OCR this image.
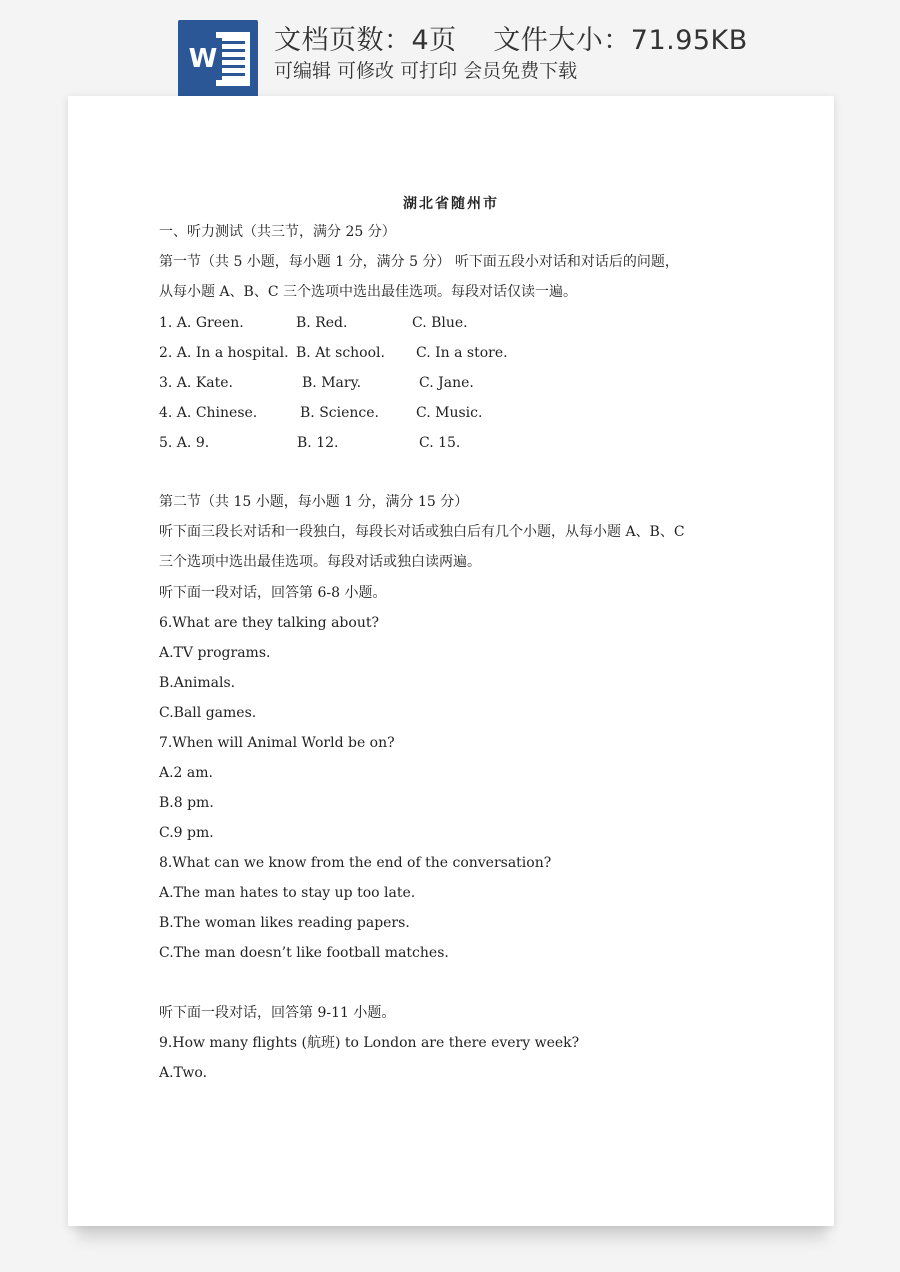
W
文档页数：4页　 文件大小：71.95KB
可编辑 可修改 可打印 会员免费下载
湖北省随州市
一、听力测试（共三节，满分 25 分）
第一节（共 5 小题，每小题 1 分，满分 5 分） 听下面五段小对话和对话后的问题，
从每小题 A、B、C 三个选项中选出最佳选项。每段对话仅读一遍。
1. A. Green.	B. Red.	C. Blue.
2. A. In a hospital. B. At school. C. In a store.
3. A. Kate.	B. Mary.	C. Jane.
4. A. Chinese.	B. Science.	C. Music.
5. A. 9.	B. 12.	C. 15.
第二节（共 15 小题，每小题 1 分，满分 15 分）
听下面三段长对话和一段独白，每段长对话或独白后有几个小题，从每小题 A、B、C
三个选项中选出最佳选项。每段对话或独白读两遍。
听下面一段对话，回答第 6-8 小题。
6.What are they talking about?
A.TV programs.
B.Animals.
C.Ball games.
7.When will Animal World be on?
A.2 am.
B.8 pm.
C.9 pm.
8.What can we know from the end of the conversation?
A.The man hates to stay up too late.
B.The woman likes reading papers.
C.The man doesn’t like football matches.
听下面一段对话，回答第 9-11 小题。
9.How many flights (航班) to London are there every week?
A.Two.
